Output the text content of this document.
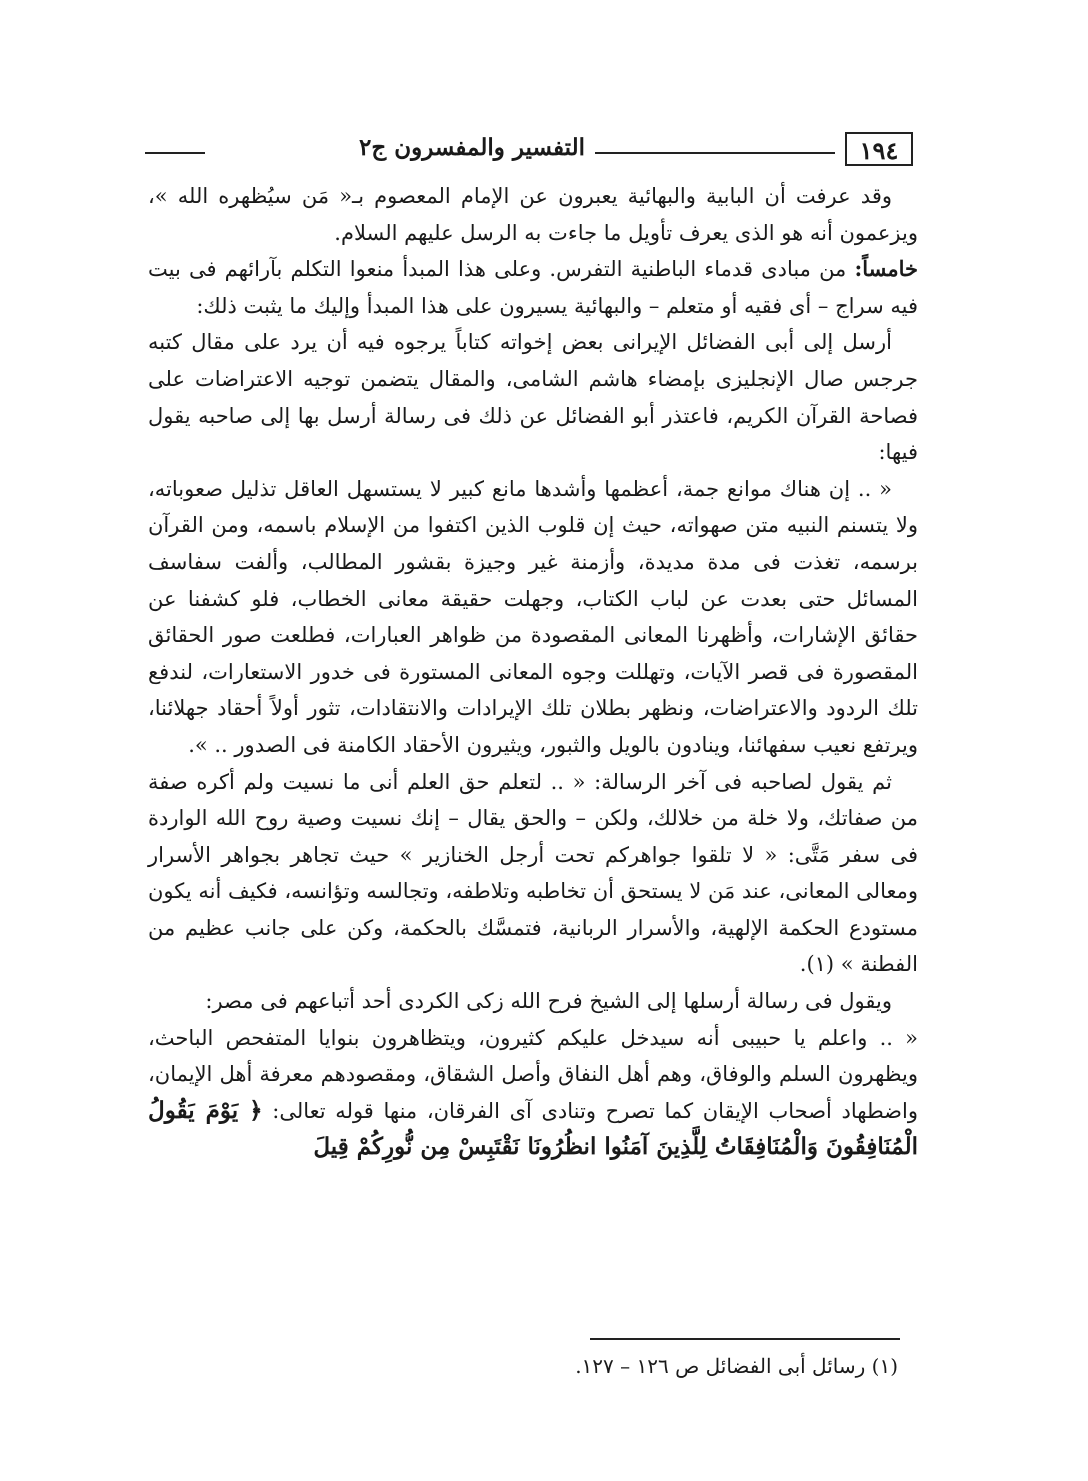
التفسير والمفسرون ج٢	١٩٤

وقد عرفت أن البابية والبهائية يعبرون عن الإمام المعصوم بـ« مَن سيُظهره الله »، ويزعمون أنه هو الذى يعرف تأويل ما جاءت به الرسل عليهم السلام.

خامساً: من مبادى قدماء الباطنية التفرس. وعلى هذا المبدأ منعوا التكلم بآرائهم فى بيت فيه سراج – أى فقيه أو متعلم – والبهائية يسيرون على هذا المبدأ وإليك ما يثبت ذلك:

أرسل إلى أبى الفضائل الإيرانى بعض إخواته كتاباً يرجوه فيه أن يرد على مقال كتبه جرجس صال الإنجليزى بإمضاء هاشم الشامى، والمقال يتضمن توجيه الاعتراضات على فصاحة القرآن الكريم، فاعتذر أبو الفضائل عن ذلك فى رسالة أرسل بها إلى صاحبه يقول فيها:

« .. إن هناك موانع جمة، أعظمها وأشدها مانع كبير لا يستسهل العاقل تذليل صعوباته، ولا يتسنم النبيه متن صهواته، حيث إن قلوب الذين اكتفوا من الإسلام باسمه، ومن القرآن برسمه، تغذت فى مدة مديدة، وأزمنة غير وجيزة بقشور المطالب، وألفت سفاسف المسائل حتى بعدت عن لباب الكتاب، وجهلت حقيقة معانى الخطاب، فلو كشفنا عن حقائق الإشارات، وأظهرنا المعانى المقصودة من ظواهر العبارات، فطلعت صور الحقائق المقصورة فى قصر الآيات، وتهللت وجوه المعانى المستورة فى خدور الاستعارات، لندفع تلك الردود والاعتراضات، ونظهر بطلان تلك الإيرادات والانتقادات، تثور أولاً أحقاد جهلائنا، ويرتفع نعيب سفهائنا، وينادون بالويل والثبور، ويثيرون الأحقاد الكامنة فى الصدور .. ».

ثم يقول لصاحبه فى آخر الرسالة: « .. لتعلم حق العلم أنى ما نسيت ولم أكره صفة من صفاتك، ولا خلة من خلالك، ولكن – والحق يقال – إنك نسيت وصية روح الله الواردة فى سفر مَتَّى: « لا تلقوا جواهركم تحت أرجل الخنازير » حيث تجاهر بجواهر الأسرار ومعالى المعانى، عند مَن لا يستحق أن تخاطبه وتلاطفه، وتجالسه وتؤانسه، فكيف أنه يكون مستودع الحكمة الإلهية، والأسرار الربانية، فتمسَّك بالحكمة، وكن على جانب عظيم من الفطنة » (١).

ويقول فى رسالة أرسلها إلى الشيخ فرح الله زكى الكردى أحد أتباعهم فى مصر:

« .. واعلم يا حبيبى أنه سيدخل عليكم كثيرون، ويتظاهرون بنوايا المتفحص الباحث، ويظهرون السلم والوفاق، وهم أهل النفاق وأصل الشقاق، ومقصودهم معرفة أهل الإيمان، واضطهاد أصحاب الإيقان كما تصرح وتنادى آى الفرقان، منها قوله تعالى: ﴿ يَوْمَ يَقُولُ الْمُنَافِقُونَ وَالْمُنَافِقَاتُ لِلَّذِينَ آمَنُوا انظُرُونَا نَقْتَبِسْ مِن نُّورِكُمْ قِيلَ

(١) رسائل أبى الفضائل ص ١٢٦ – ١٢٧.
